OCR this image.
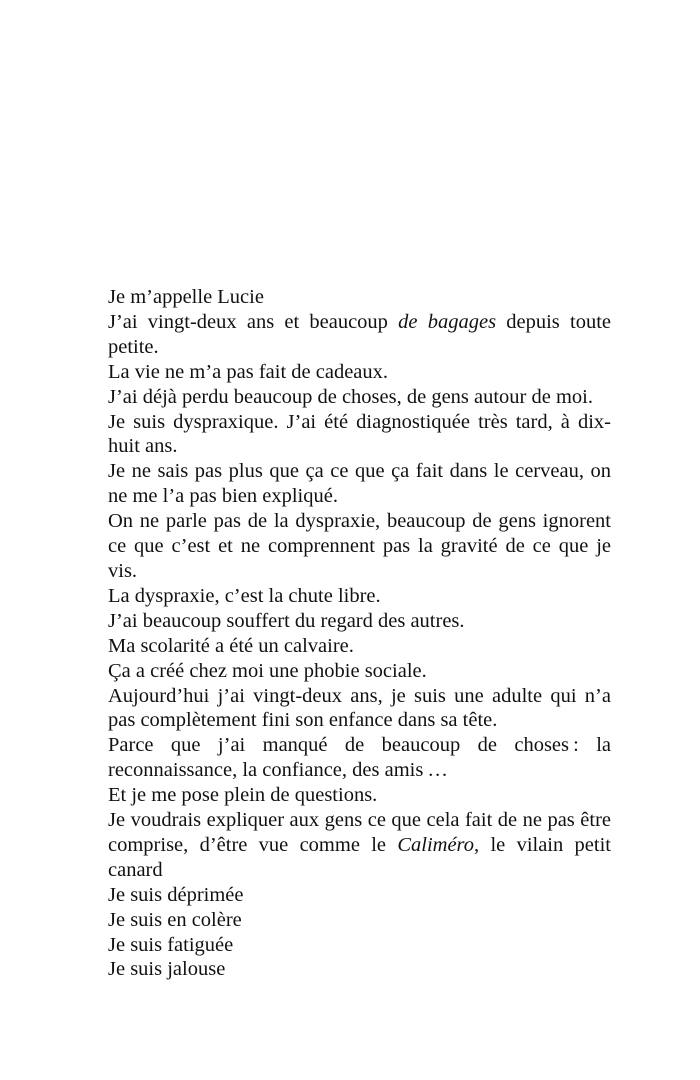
Je m’appelle Lucie

J’ai vingt-deux ans et beaucoup de bagages depuis toute petite.

La vie ne m’a pas fait de cadeaux.

J’ai déjà perdu beaucoup de choses, de gens autour de moi.

Je suis dyspraxique. J’ai été diagnostiquée très tard, à dix-huit ans.

Je ne sais pas plus que ça ce que ça fait dans le cerveau, on ne me l’a pas bien expliqué.

On ne parle pas de la dyspraxie, beaucoup de gens ignorent ce que c’est et ne comprennent pas la gravité de ce que je vis.

La dyspraxie, c’est la chute libre.

J’ai beaucoup souffert du regard des autres.

Ma scolarité a été un calvaire.

Ça a créé chez moi une phobie sociale.

Aujourd’hui j’ai vingt-deux ans, je suis une adulte qui n’a pas complètement fini son enfance dans sa tête.

Parce que j’ai manqué de beaucoup de choses : la reconnaissance, la confiance, des amis …

Et je me pose plein de questions.

Je voudrais expliquer aux gens ce que cela fait de ne pas être comprise, d’être vue comme le Caliméro, le vilain petit canard

Je suis déprimée

Je suis en colère

Je suis fatiguée

Je suis jalouse
